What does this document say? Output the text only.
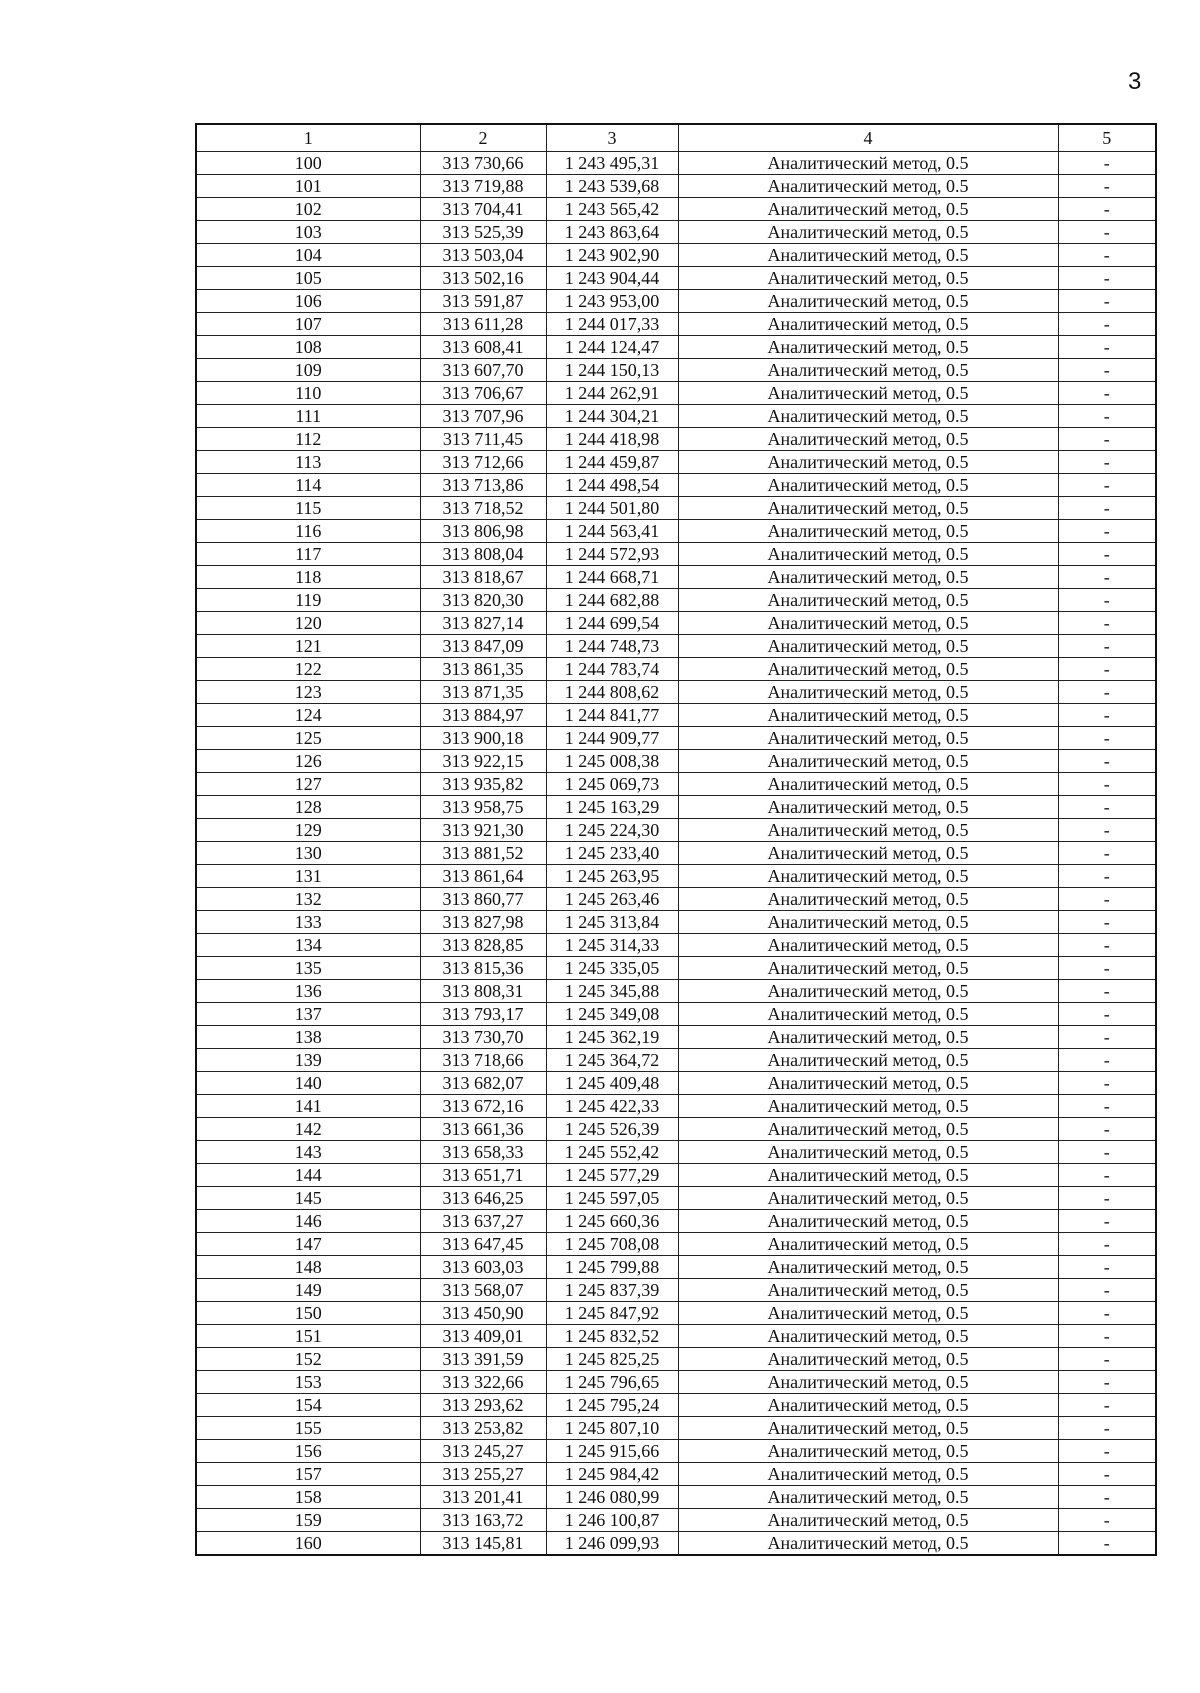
3
1	2	3	4	5
100	313 730,66	1 243 495,31	Аналитический метод, 0.5	-
101	313 719,88	1 243 539,68	Аналитический метод, 0.5	-
102	313 704,41	1 243 565,42	Аналитический метод, 0.5	-
103	313 525,39	1 243 863,64	Аналитический метод, 0.5	-
104	313 503,04	1 243 902,90	Аналитический метод, 0.5	-
105	313 502,16	1 243 904,44	Аналитический метод, 0.5	-
106	313 591,87	1 243 953,00	Аналитический метод, 0.5	-
107	313 611,28	1 244 017,33	Аналитический метод, 0.5	-
108	313 608,41	1 244 124,47	Аналитический метод, 0.5	-
109	313 607,70	1 244 150,13	Аналитический метод, 0.5	-
110	313 706,67	1 244 262,91	Аналитический метод, 0.5	-
111	313 707,96	1 244 304,21	Аналитический метод, 0.5	-
112	313 711,45	1 244 418,98	Аналитический метод, 0.5	-
113	313 712,66	1 244 459,87	Аналитический метод, 0.5	-
114	313 713,86	1 244 498,54	Аналитический метод, 0.5	-
115	313 718,52	1 244 501,80	Аналитический метод, 0.5	-
116	313 806,98	1 244 563,41	Аналитический метод, 0.5	-
117	313 808,04	1 244 572,93	Аналитический метод, 0.5	-
118	313 818,67	1 244 668,71	Аналитический метод, 0.5	-
119	313 820,30	1 244 682,88	Аналитический метод, 0.5	-
120	313 827,14	1 244 699,54	Аналитический метод, 0.5	-
121	313 847,09	1 244 748,73	Аналитический метод, 0.5	-
122	313 861,35	1 244 783,74	Аналитический метод, 0.5	-
123	313 871,35	1 244 808,62	Аналитический метод, 0.5	-
124	313 884,97	1 244 841,77	Аналитический метод, 0.5	-
125	313 900,18	1 244 909,77	Аналитический метод, 0.5	-
126	313 922,15	1 245 008,38	Аналитический метод, 0.5	-
127	313 935,82	1 245 069,73	Аналитический метод, 0.5	-
128	313 958,75	1 245 163,29	Аналитический метод, 0.5	-
129	313 921,30	1 245 224,30	Аналитический метод, 0.5	-
130	313 881,52	1 245 233,40	Аналитический метод, 0.5	-
131	313 861,64	1 245 263,95	Аналитический метод, 0.5	-
132	313 860,77	1 245 263,46	Аналитический метод, 0.5	-
133	313 827,98	1 245 313,84	Аналитический метод, 0.5	-
134	313 828,85	1 245 314,33	Аналитический метод, 0.5	-
135	313 815,36	1 245 335,05	Аналитический метод, 0.5	-
136	313 808,31	1 245 345,88	Аналитический метод, 0.5	-
137	313 793,17	1 245 349,08	Аналитический метод, 0.5	-
138	313 730,70	1 245 362,19	Аналитический метод, 0.5	-
139	313 718,66	1 245 364,72	Аналитический метод, 0.5	-
140	313 682,07	1 245 409,48	Аналитический метод, 0.5	-
141	313 672,16	1 245 422,33	Аналитический метод, 0.5	-
142	313 661,36	1 245 526,39	Аналитический метод, 0.5	-
143	313 658,33	1 245 552,42	Аналитический метод, 0.5	-
144	313 651,71	1 245 577,29	Аналитический метод, 0.5	-
145	313 646,25	1 245 597,05	Аналитический метод, 0.5	-
146	313 637,27	1 245 660,36	Аналитический метод, 0.5	-
147	313 647,45	1 245 708,08	Аналитический метод, 0.5	-
148	313 603,03	1 245 799,88	Аналитический метод, 0.5	-
149	313 568,07	1 245 837,39	Аналитический метод, 0.5	-
150	313 450,90	1 245 847,92	Аналитический метод, 0.5	-
151	313 409,01	1 245 832,52	Аналитический метод, 0.5	-
152	313 391,59	1 245 825,25	Аналитический метод, 0.5	-
153	313 322,66	1 245 796,65	Аналитический метод, 0.5	-
154	313 293,62	1 245 795,24	Аналитический метод, 0.5	-
155	313 253,82	1 245 807,10	Аналитический метод, 0.5	-
156	313 245,27	1 245 915,66	Аналитический метод, 0.5	-
157	313 255,27	1 245 984,42	Аналитический метод, 0.5	-
158	313 201,41	1 246 080,99	Аналитический метод, 0.5	-
159	313 163,72	1 246 100,87	Аналитический метод, 0.5	-
160	313 145,81	1 246 099,93	Аналитический метод, 0.5	-
